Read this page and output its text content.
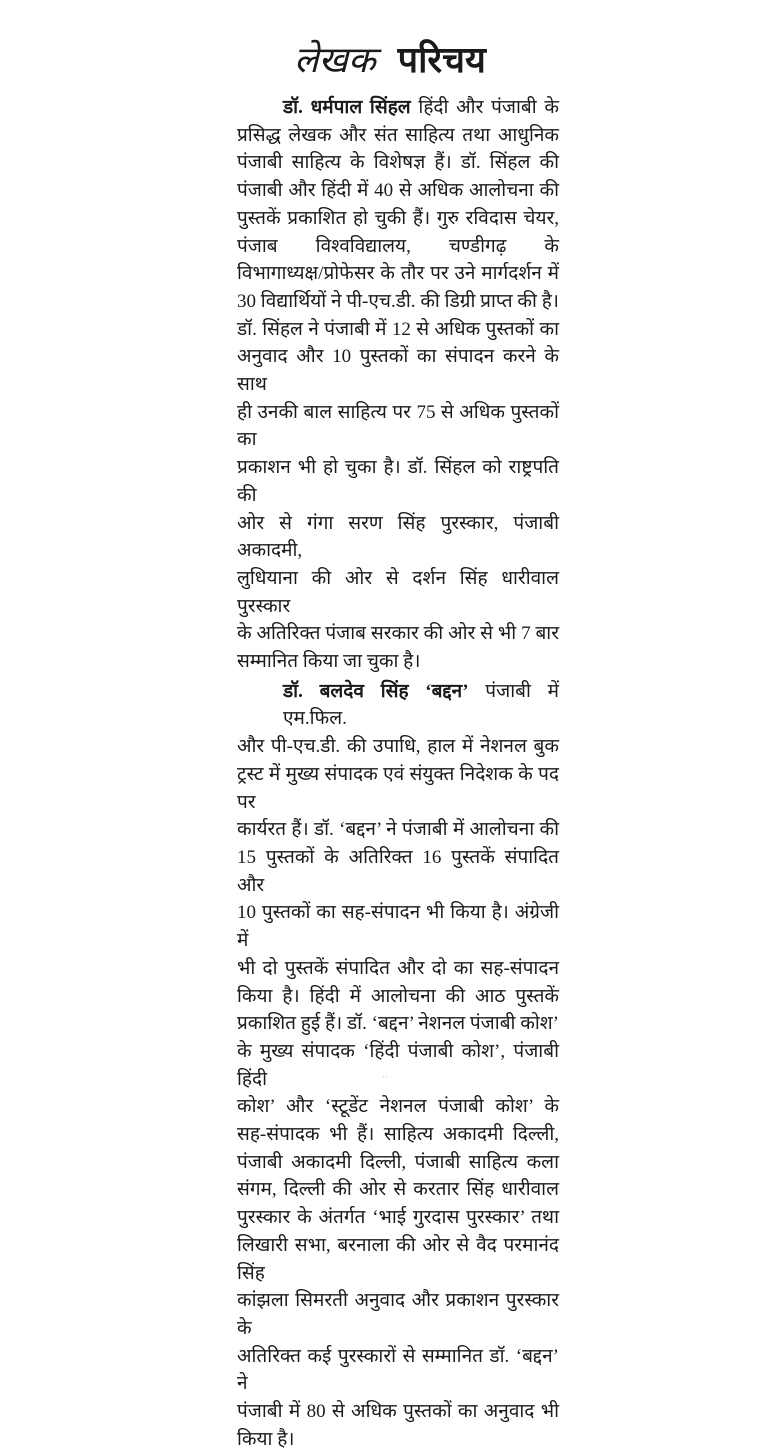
लेखक परिचय
डॉ. धर्मपाल सिंहल हिंदी और पंजाबी के
प्रसिद्ध लेखक और संत साहित्य तथा आधुनिक
पंजाबी साहित्य के विशेषज्ञ हैं। डॉ. सिंहल की
पंजाबी और हिंदी में 40 से अधिक आलोचना की
पुस्तकें प्रकाशित हो चुकी हैं। गुरु रविदास चेयर,
पंजाब विश्वविद्यालय, चण्डीगढ़ के
विभागाध्यक्ष/प्रोफेसर के तौर पर उने मार्गदर्शन में
30 विद्यार्थियों ने पी-एच.डी. की डिग्री प्राप्त की है।
डॉ. सिंहल ने पंजाबी में 12 से अधिक पुस्तकों का
अनुवाद और 10 पुस्तकों का संपादन करने के साथ
ही उनकी बाल साहित्य पर 75 से अधिक पुस्तकों का
प्रकाशन भी हो चुका है। डॉ. सिंहल को राष्ट्रपति की
ओर से गंगा सरण सिंह पुरस्कार, पंजाबी अकादमी,
लुधियाना की ओर से दर्शन सिंह धारीवाल पुरस्कार
के अतिरिक्त पंजाब सरकार की ओर से भी 7 बार
सम्मानित किया जा चुका है।
डॉ. बलदेव सिंह ‘बद्दन’ पंजाबी में एम.फिल.
और पी-एच.डी. की उपाधि, हाल में नेशनल बुक
ट्रस्ट में मुख्य संपादक एवं संयुक्त निदेशक के पद पर
कार्यरत हैं। डॉ. ‘बद्दन’ ने पंजाबी में आलोचना की
15 पुस्तकों के अतिरिक्त 16 पुस्तकें संपादित और
10 पुस्तकों का सह-संपादन भी किया है। अंग्रेजी में
भी दो पुस्तकें संपादित और दो का सह-संपादन
किया है। हिंदी में आलोचना की आठ पुस्तकें
प्रकाशित हुई हैं। डॉ. ‘बद्दन’ नेशनल पंजाबी कोश’
के मुख्य संपादक ‘हिंदी पंजाबी कोश’, पंजाबी हिंदी
कोश’ और ‘स्टूडेंट नेशनल पंजाबी कोश’ के
सह-संपादक भी हैं। साहित्य अकादमी दिल्ली,
पंजाबी अकादमी दिल्ली, पंजाबी साहित्य कला
संगम, दिल्ली की ओर से करतार सिंह धारीवाल
पुरस्कार के अंतर्गत ‘भाई गुरदास पुरस्कार’ तथा
लिखारी सभा, बरनाला की ओर से वैद परमानंद सिंह
कांझला सिमरती अनुवाद और प्रकाशन पुरस्कार के
अतिरिक्त कई पुरस्कारों से सम्मानित डॉ. ‘बद्दन’ ने
पंजाबी में 80 से अधिक पुस्तकों का अनुवाद भी
किया है।
··
